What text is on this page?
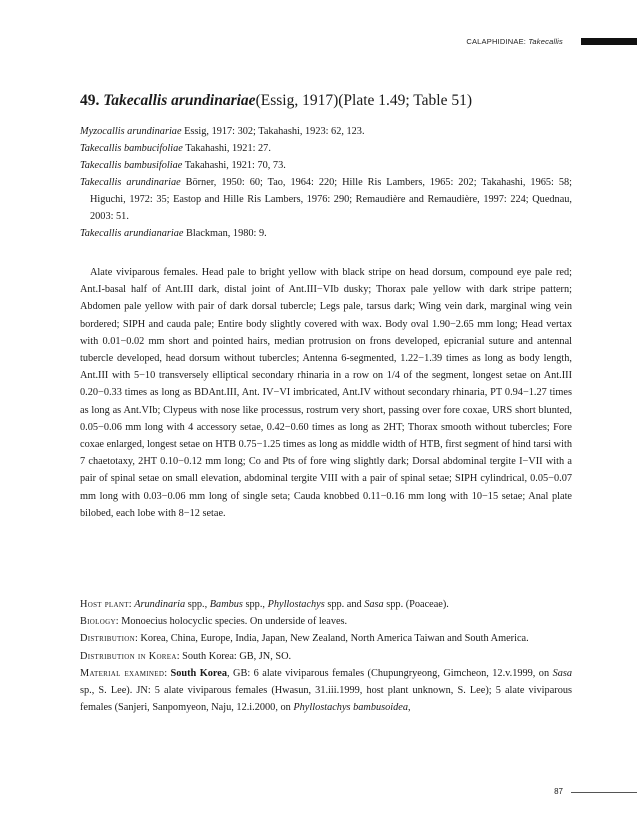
CALAPHIDINAE: Takecallis
49. Takecallis arundinariae(Essig, 1917)(Plate 1.49; Table 51)

Myzocallis arundinariae Essig, 1917: 302; Takahashi, 1923: 62, 123.

Takecallis bambucifoliae Takahashi, 1921: 27.

Takecallis bambusifoliae Takahashi, 1921: 70, 73.

Takecallis arundinariae Börner, 1950: 60; Tao, 1964: 220; Hille Ris Lambers, 1965: 202; Takahashi, 1965: 58; Higuchi, 1972: 35; Eastop and Hille Ris Lambers, 1976: 290; Remaudière and Remaudière, 1997: 224; Quednau, 2003: 51.

Takecallis arundianariae Blackman, 1980: 9.

Alate viviparous females. Head pale to bright yellow with black stripe on head dorsum, compound eye pale red; Ant.I-basal half of Ant.III dark, distal joint of Ant.III−VIb dusky; Thorax pale yellow with dark stripe pattern; Abdomen pale yellow with pair of dark dorsal tubercle; Legs pale, tarsus dark; Wing vein dark, marginal wing vein bordered; SIPH and cauda pale; Entire body slightly covered with wax. Body oval 1.90−2.65 mm long; Head vertax with 0.01−0.02 mm short and pointed hairs, median protrusion on frons developed, epicranial suture and antennal tubercle developed, head dorsum without tubercles; Antenna 6-segmented, 1.22−1.39 times as long as body length, Ant.III with 5−10 transversely elliptical secondary rhinaria in a row on 1/4 of the segment, longest setae on Ant.III 0.20−0.33 times as long as BDAnt.III, Ant. IV−VI imbricated, Ant.IV without secondary rhinaria, PT 0.94−1.27 times as long as Ant.VIb; Clypeus with nose like processus, rostrum very short, passing over fore coxae, URS short blunted, 0.05−0.06 mm long with 4 accessory setae, 0.42−0.60 times as long as 2HT; Thorax smooth without tubercles; Fore coxae enlarged, longest setae on HTB 0.75−1.25 times as long as middle width of HTB, first segment of hind tarsi with 7 chaetotaxy, 2HT 0.10−0.12 mm long; Co and Pts of fore wing slightly dark; Dorsal abdominal tergite I−VII with a pair of spinal setae on small elevation, abdominal tergite VIII with a pair of spinal setae; SIPH cylindrical, 0.05−0.07 mm long with 0.03−0.06 mm long of single seta; Cauda knobbed 0.11−0.16 mm long with 10−15 setae; Anal plate bilobed, each lobe with 8−12 setae.

Host plant: Arundinaria spp., Bambus spp., Phyllostachys spp. and Sasa spp. (Poaceae).

Biology: Monoecius holocyclic species. On underside of leaves.

Distribution: Korea, China, Europe, India, Japan, New Zealand, North America Taiwan and South America.

Distribution in Korea: South Korea: GB, JN, SO.

Material examined: South Korea, GB: 6 alate viviparous females (Chupungryeong, Gimcheon, 12.v.1999, on Sasa sp., S. Lee). JN: 5 alate viviparous females (Hwasun, 31.iii.1999, host plant unknown, S. Lee); 5 alate viviparous females (Sanjeri, Sanpomyeon, Naju, 12.i.2000, on Phyllostachys bambusoidea,

87
